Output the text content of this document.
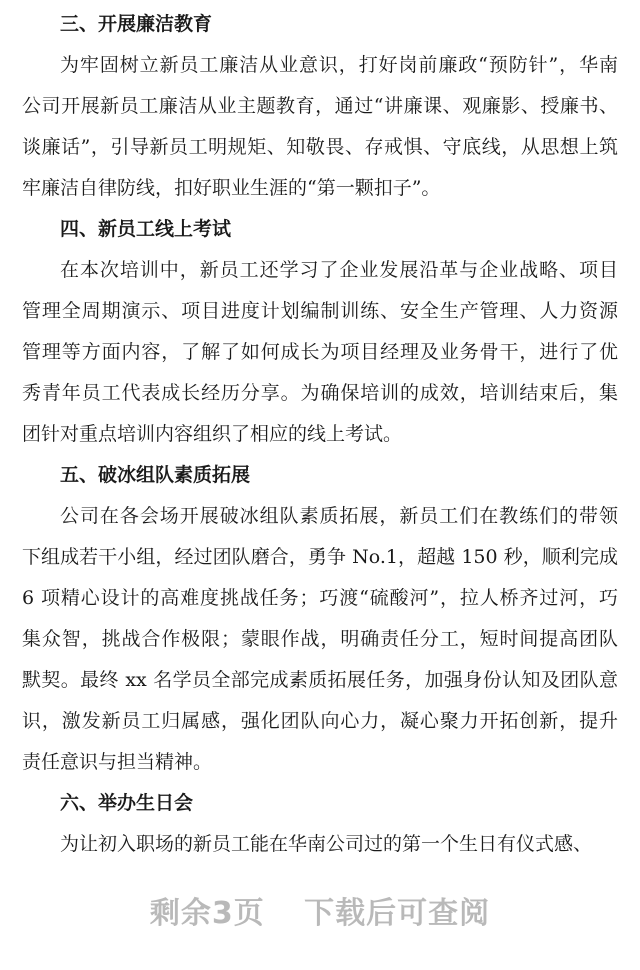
三、开展廉洁教育

为牢固树立新员工廉洁从业意识，打好岗前廉政“预防针”，华南
公司开展新员工廉洁从业主题教育，通过“讲廉课、观廉影、授廉书、
谈廉话”，引导新员工明规矩、知敬畏、存戒惧、守底线，从思想上筑
牢廉洁自律防线，扣好职业生涯的“第一颗扣子”。

四、新员工线上考试

在本次培训中，新员工还学习了企业发展沿革与企业战略、项目
管理全周期演示、项目进度计划编制训练、安全生产管理、人力资源
管理等方面内容，了解了如何成长为项目经理及业务骨干，进行了优
秀青年员工代表成长经历分享。为确保培训的成效，培训结束后，集
团针对重点培训内容组织了相应的线上考试。

五、破冰组队素质拓展

公司在各会场开展破冰组队素质拓展，新员工们在教练们的带领
下组成若干小组，经过团队磨合，勇争 No.1，超越 150 秒，顺利完成
6 项精心设计的高难度挑战任务；巧渡“硫酸河”，拉人桥齐过河，巧
集众智，挑战合作极限；蒙眼作战，明确责任分工，短时间提高团队
默契。最终 xx 名学员全部完成素质拓展任务，加强身份认知及团队意
识，激发新员工归属感，强化团队向心力，凝心聚力开拓创新，提升
责任意识与担当精神。

六、举办生日会

为让初入职场的新员工能在华南公司过的第一个生日有仪式感、

剩余3页 下载后可查阅
